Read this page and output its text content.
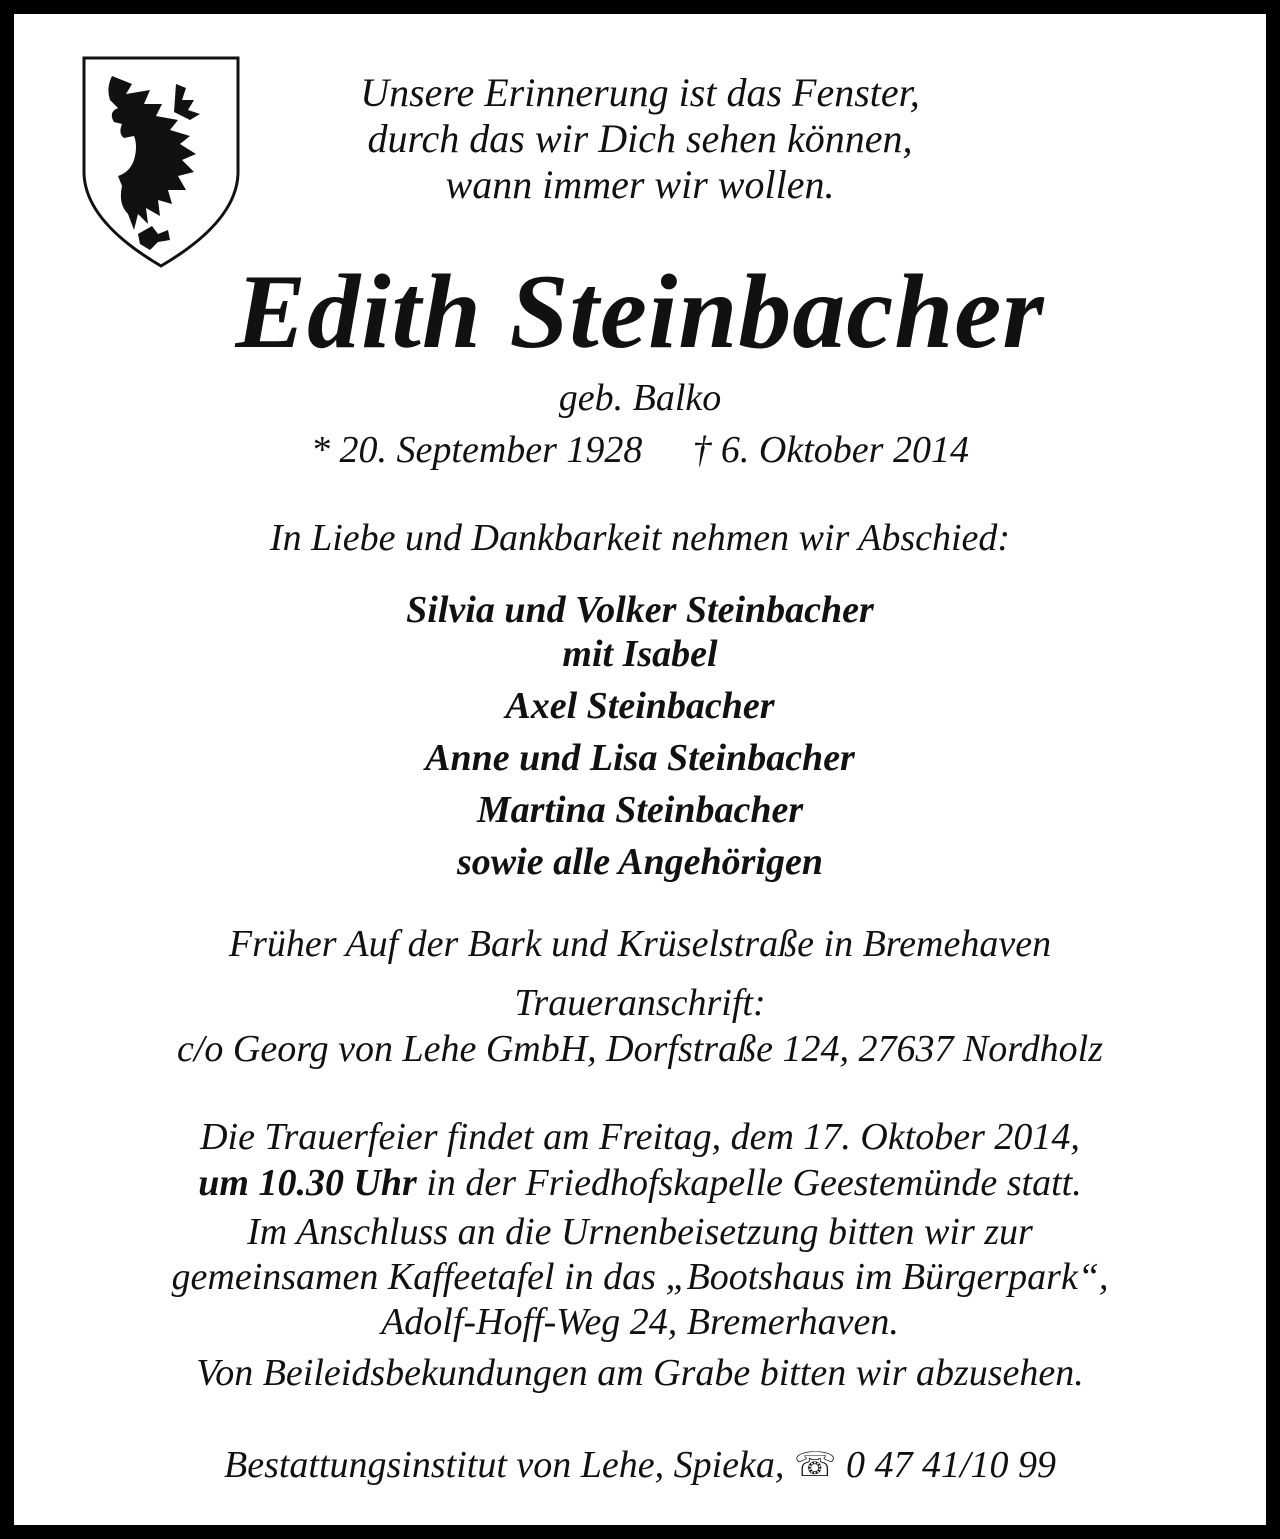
Unsere Erinnerung ist das Fenster,
durch das wir Dich sehen können,
wann immer wir wollen.
Edith Steinbacher
geb. Balko
* 20. September 1928 † 6. Oktober 2014
In Liebe und Dankbarkeit nehmen wir Abschied:
Silvia und Volker Steinbacher
mit Isabel
Axel Steinbacher
Anne und Lisa Steinbacher
Martina Steinbacher
sowie alle Angehörigen
Früher Auf der Bark und Krüselstraße in Bremehaven
Traueranschrift:
c/o Georg von Lehe GmbH, Dorfstraße 124, 27637 Nordholz
Die Trauerfeier findet am Freitag, dem 17. Oktober 2014,
um 10.30 Uhr in der Friedhofskapelle Geestemünde statt.
Im Anschluss an die Urnenbeisetzung bitten wir zur
gemeinsamen Kaffeetafel in das „Bootshaus im Bürgerpark“,
Adolf-Hoff-Weg 24, Bremerhaven.
Von Beileidsbekundungen am Grabe bitten wir abzusehen.
Bestattungsinstitut von Lehe, Spieka, ☏ 0 47 41/10 99
